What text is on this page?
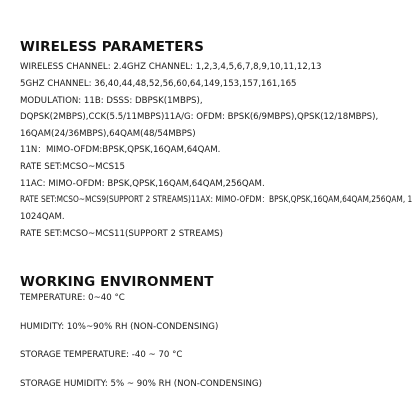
WIRELESS PARAMETERS

WIRELESS CHANNEL: 2.4GHZ CHANNEL: 1,2,3,4,5,6,7,8,9,10,11,12,13

5GHZ CHANNEL: 36,40,44,48,52,56,60,64,149,153,157,161,165

MODULATION: 11B: DSSS: DBPSK(1MBPS),

DQPSK(2MBPS),CCK(5.5/11MBPS)11A/G: OFDM: BPSK(6/9MBPS),QPSK(12/18MBPS),

16QAM(24/36MBPS),64QAM(48/54MBPS)

11N：MIMO-OFDM:BPSK,QPSK,16QAM,64QAM.

RATE SET:MCSO~MCS15

11AC: MIMO-OFDM: BPSK,QPSK,16QAM,64QAM,256QAM.

RATE SET:MCSO~MCS9(SUPPORT 2 STREAMS)11AX: MIMO-OFDM：BPSK,QPSK,16QAM,64QAM,256QAM, 1

1024QAM.

RATE SET:MCSO~MCS11(SUPPORT 2 STREAMS)

WORKING ENVIRONMENT

TEMPERATURE: 0~40 °C

HUMIDITY: 10%~90% RH (NON-CONDENSING)

STORAGE TEMPERATURE: -40 ~ 70 °C

STORAGE HUMIDITY: 5% ~ 90% RH (NON-CONDENSING)
